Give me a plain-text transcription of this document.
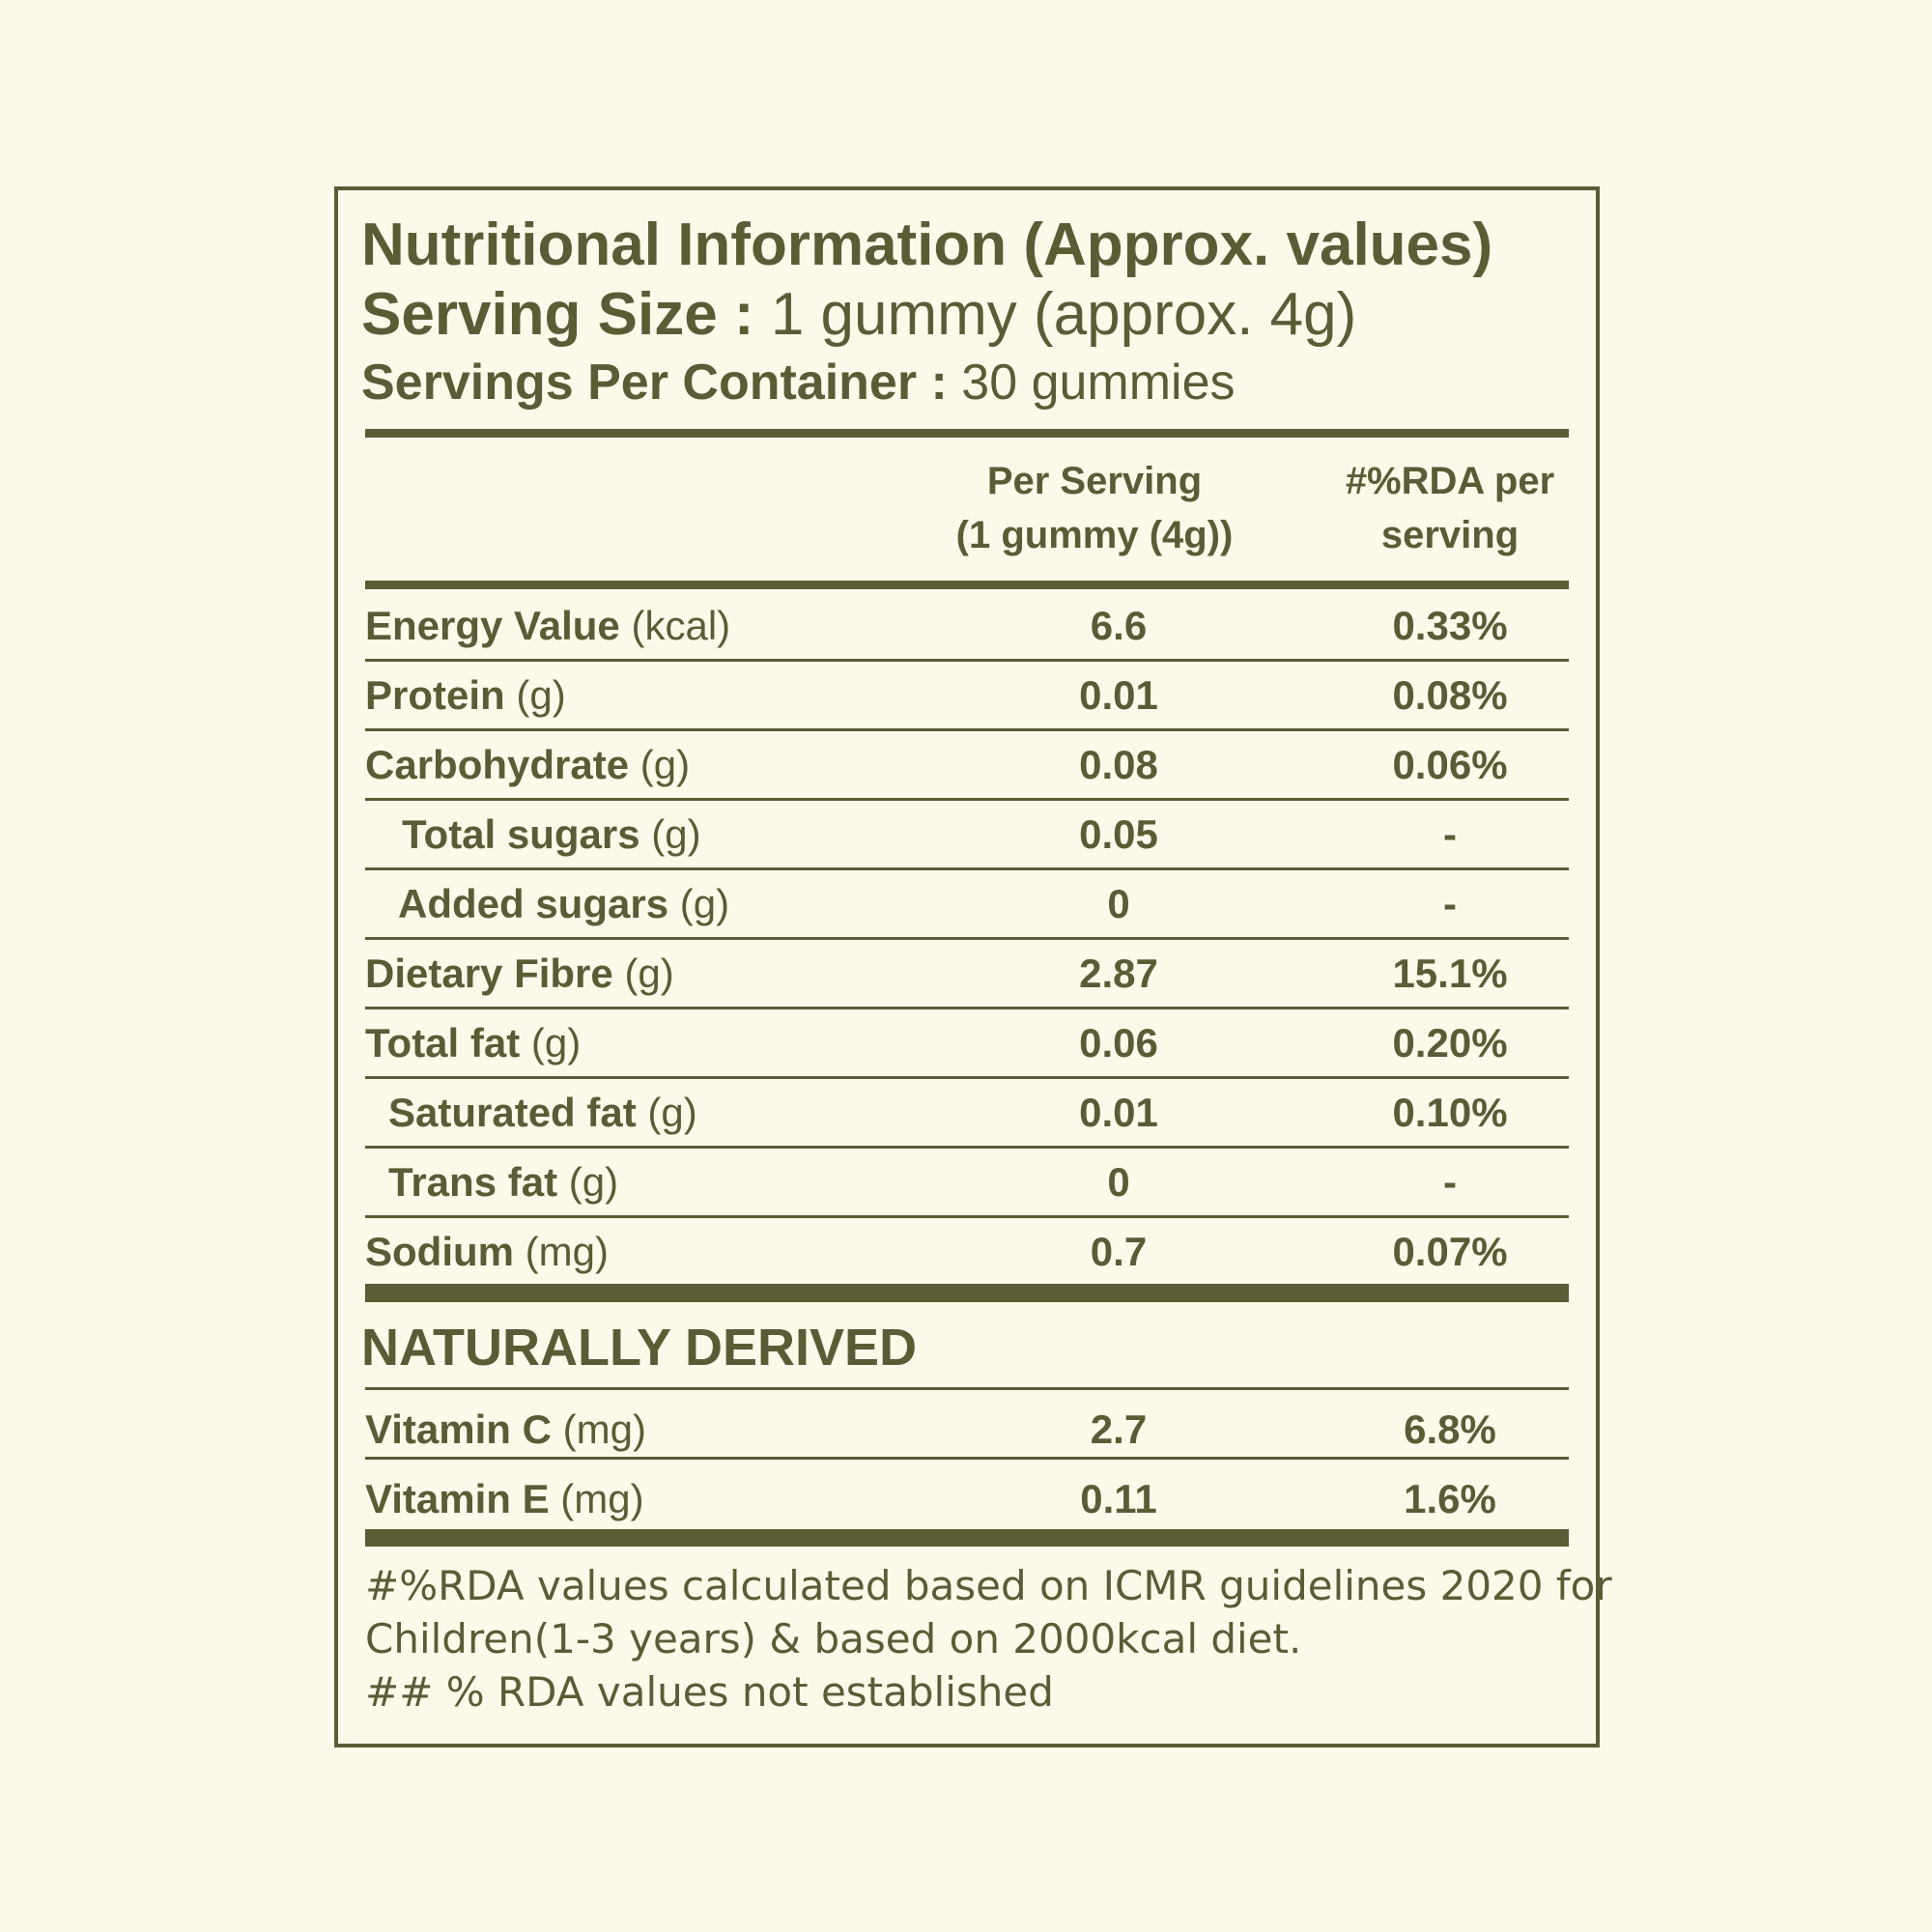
Nutritional Information (Approx. values)
Serving Size : 1 gummy (approx. 4g)
Servings Per Container : 30 gummies
Per Serving
(1 gummy (4g))
#%RDA per
serving
Energy Value (kcal)	6.6	0.33%
Protein (g)	0.01	0.08%
Carbohydrate (g)	0.08	0.06%
Total sugars (g)	0.05	-
Added sugars (g)	0	-
Dietary Fibre (g)	2.87	15.1%
Total fat (g)	0.06	0.20%
Saturated fat (g)	0.01	0.10%
Trans fat (g)	0	-
Sodium (mg)	0.7	0.07%
NATURALLY DERIVED
Vitamin C (mg)	2.7	6.8%
Vitamin E (mg)	0.11	1.6%
#%RDA values calculated based on ICMR guidelines 2020 for
Children(1-3 years) & based on 2000kcal diet.
## % RDA values not established
